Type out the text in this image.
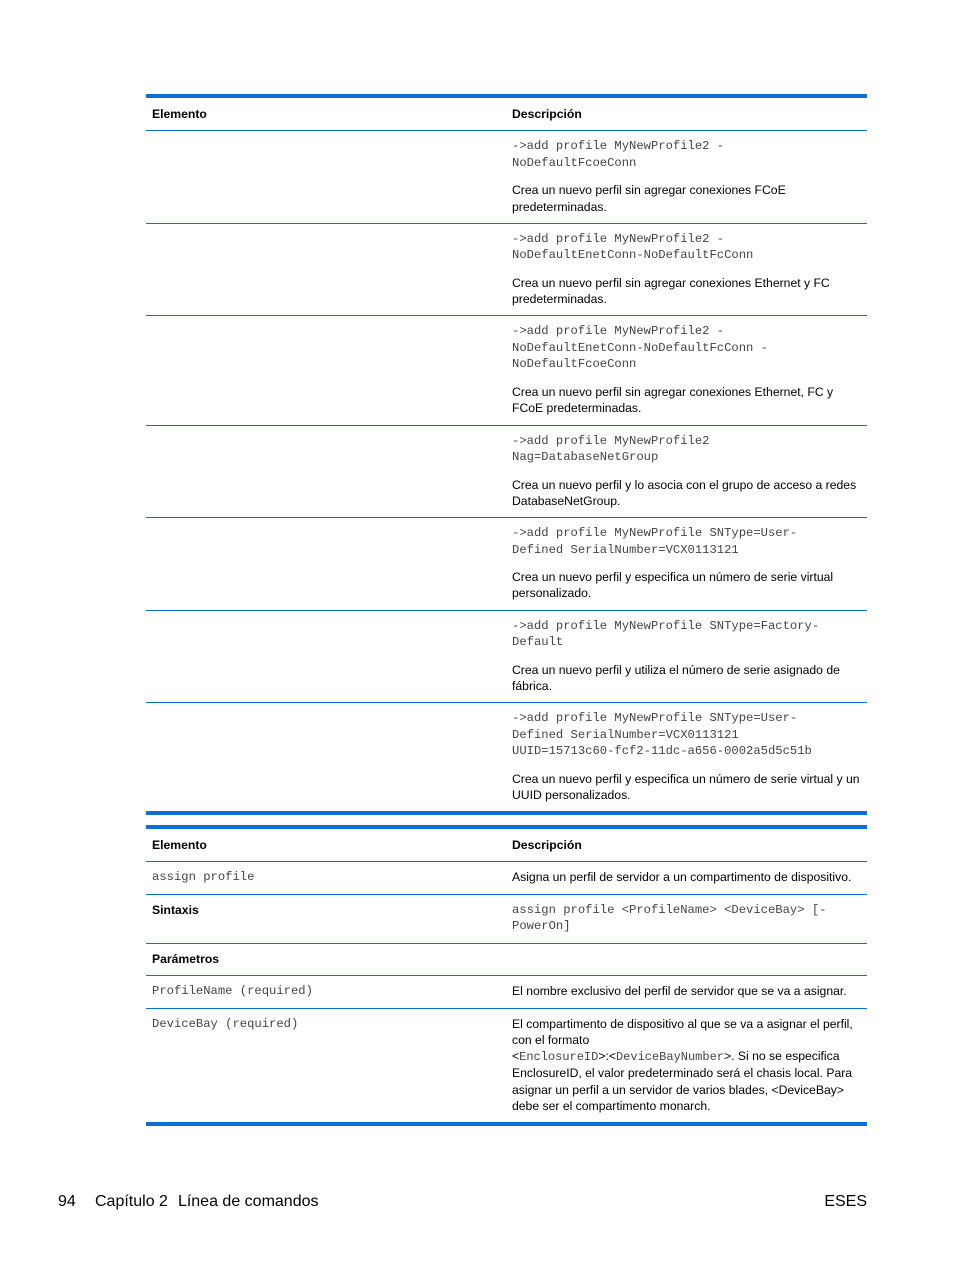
Elemento	Descripción

	->add profile MyNewProfile2 -
NoDefaultFcoeConn
Crea un nuevo perfil sin agregar conexiones FCoE predeterminadas.

	->add profile MyNewProfile2 -
NoDefaultEnetConn-NoDefaultFcConn
Crea un nuevo perfil sin agregar conexiones Ethernet y FC predeterminadas.

	->add profile MyNewProfile2 -
NoDefaultEnetConn-NoDefaultFcConn -
NoDefaultFcoeConn
Crea un nuevo perfil sin agregar conexiones Ethernet, FC y FCoE predeterminadas.

	->add profile MyNewProfile2
Nag=DatabaseNetGroup
Crea un nuevo perfil y lo asocia con el grupo de acceso a redes DatabaseNetGroup.

	->add profile MyNewProfile SNType=User-
Defined SerialNumber=VCX0113121
Crea un nuevo perfil y especifica un número de serie virtual personalizado.

	->add profile MyNewProfile SNType=Factory-
Default
Crea un nuevo perfil y utiliza el número de serie asignado de fábrica.

	->add profile MyNewProfile SNType=User-
Defined SerialNumber=VCX0113121
UUID=15713c60-fcf2-11dc-a656-0002a5d5c51b
Crea un nuevo perfil y especifica un número de serie virtual y un UUID personalizados.
Elemento	Descripción

assign profile	Asigna un perfil de servidor a un compartimento de dispositivo.
Sintaxis	assign profile <ProfileName> <DeviceBay> [-
PowerOn]

Parámetros	

ProfileName (required)	El nombre exclusivo del perfil de servidor que se va a asignar.

DeviceBay (required)	El compartimento de dispositivo al que se va a asignar el perfil, con el formato
<EnclosureID>:<DeviceBayNumber>. Si no se especifica EnclosureID, el valor predeterminado será el chasis local. Para asignar un perfil a un servidor de varios blades, <DeviceBay> debe ser el compartimento monarch.
94 Capítulo 2 Línea de comandos	ESES
